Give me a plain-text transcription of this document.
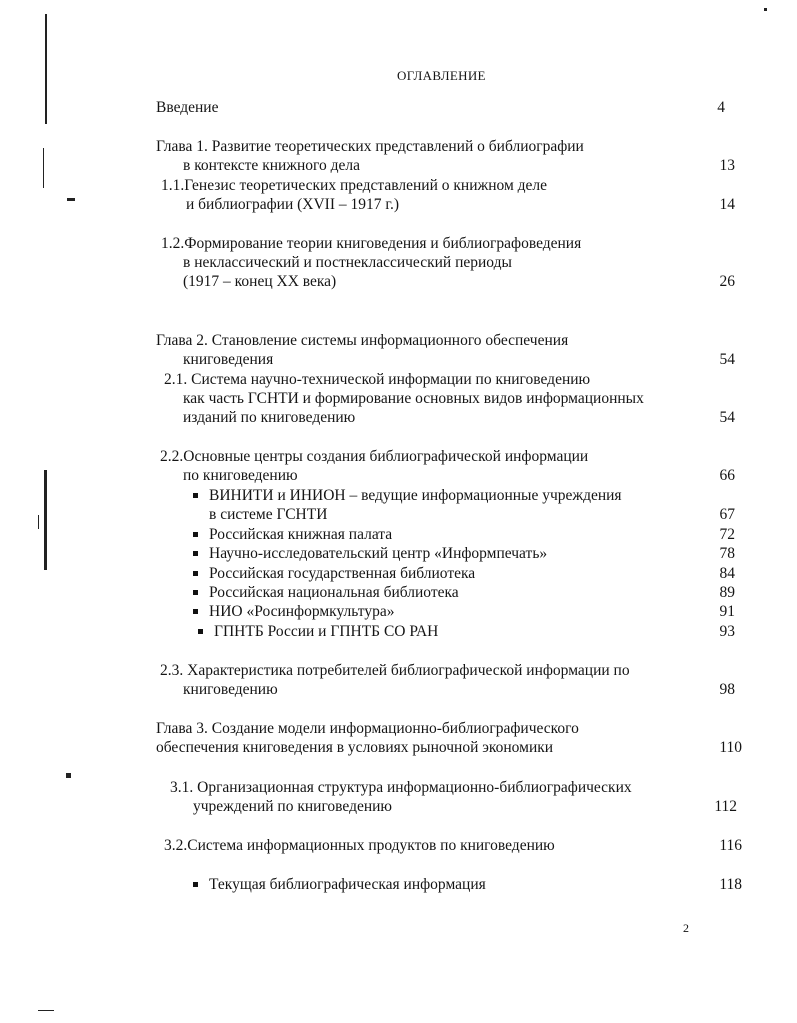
ОГЛАВЛЕНИЕ
Введение	4
Глава 1. Развитие теоретических представлений о библиографии
в контексте книжного дела	13
1.1.Генезис теоретических представлений о книжном деле
и библиографии (XVII – 1917 г.)	14
1.2.Формирование теории книговедения и библиографоведения
в неклассический и постнеклассический периоды
(1917 – конец XX века)	26
Глава 2. Становление системы информационного обеспечения
книговедения	54
2.1. Система научно-технической информации по книговедению
как часть ГСНТИ и формирование основных видов информационных
изданий по книговедению	54
2.2.Основные центры создания библиографической информации
по книговедению	66
ВИНИТИ и ИНИОН – ведущие информационные учреждения
в системе ГСНТИ	67
Российская книжная палата	72
Научно-исследовательский центр «Информпечать»	78
Российская государственная библиотека	84
Российская национальная библиотека	89
НИО «Росинформкультура»	91
ГПНТБ России и ГПНТБ СО РАН	93
2.3. Характеристика потребителей библиографической информации по
книговедению	98
Глава 3. Создание модели информационно-библиографического
обеспечения книговедения в условиях рыночной экономики	110
3.1. Организационная структура информационно-библиографических
учреждений по книговедению	112
3.2.Система информационных продуктов по книговедению	116
Текущая библиографическая информация	118
2
